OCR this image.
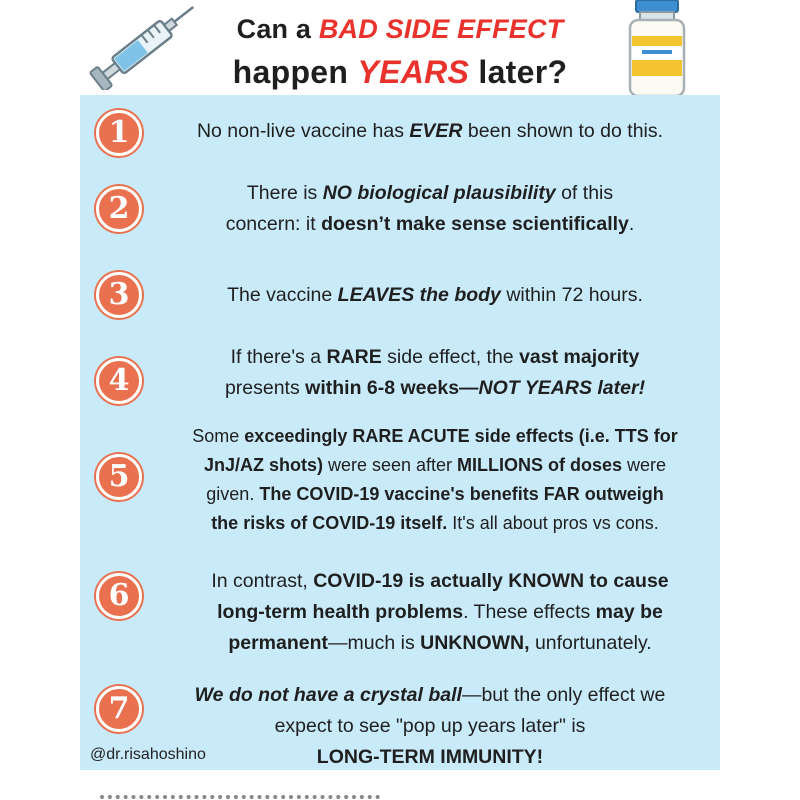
Can a BAD SIDE EFFECT
happen YEARS later?
1
2
3
4
5
6
7
No non-live vaccine has EVER been shown to do this.
There is NO biological plausibility of this
concern: it doesn’t make sense scientifically.
The vaccine LEAVES the body within 72 hours.
If there's a RARE side effect, the vast majority
presents within 6-8 weeks—NOT YEARS later!
Some exceedingly RARE ACUTE side effects (i.e. TTS for
JnJ/AZ shots) were seen after MILLIONS of doses were
given. The COVID-19 vaccine's benefits FAR outweigh
the risks of COVID-19 itself. It's all about pros vs cons.
In contrast, COVID-19 is actually KNOWN to cause
long-term health problems. These effects may be
permanent—much is UNKNOWN, unfortunately.
We do not have a crystal ball—but the only effect we
expect to see "pop up years later" is
LONG-TERM IMMUNITY!
@dr.risahoshino
